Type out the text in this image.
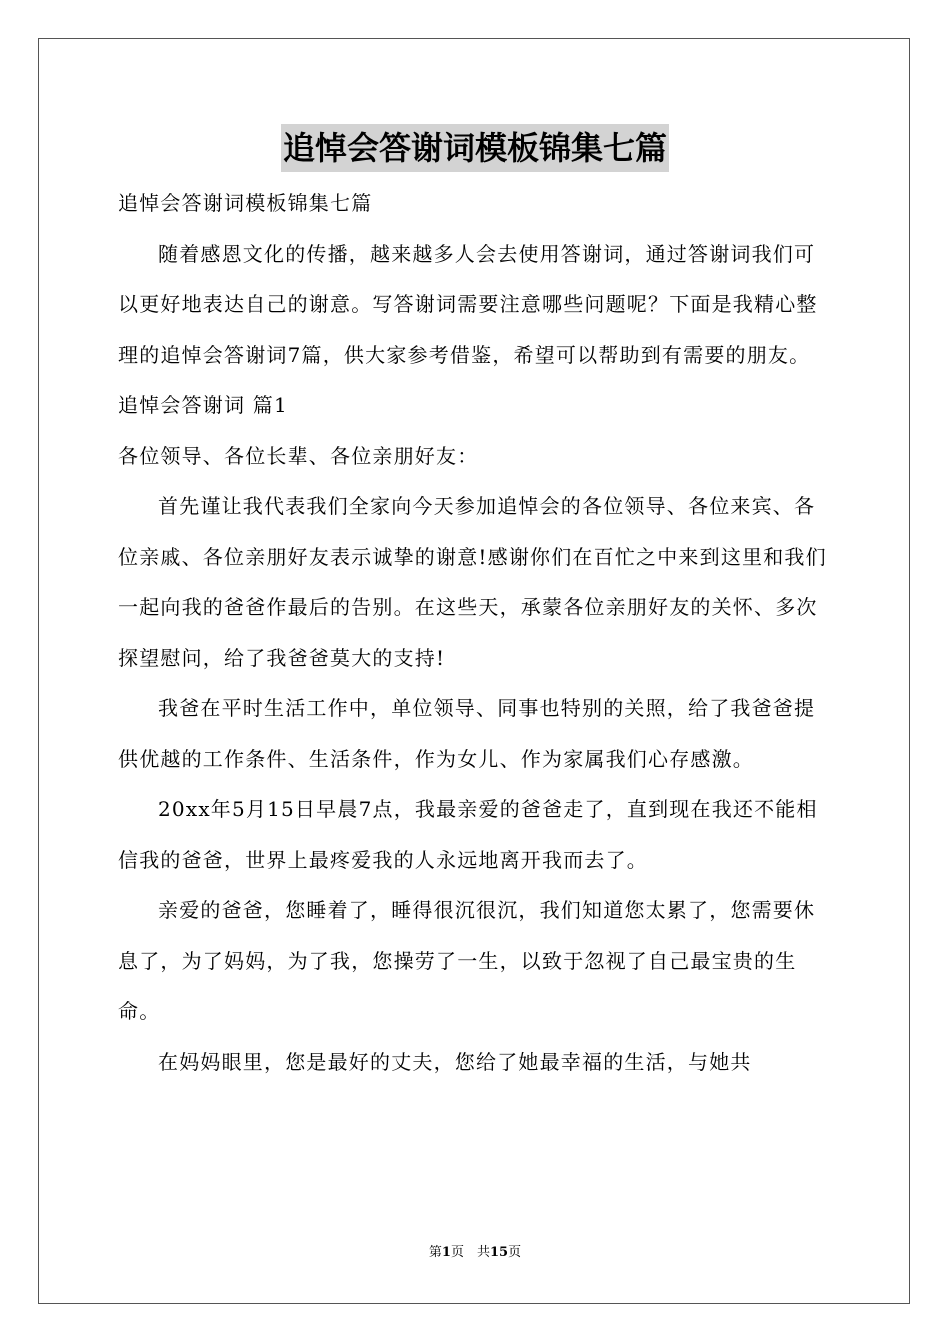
追悼会答谢词模板锦集七篇

追悼会答谢词模板锦集七篇

随着感恩文化的传播，越来越多人会去使用答谢词，通过答谢词我们可以更好地表达自己的谢意。写答谢词需要注意哪些问题呢？下面是我精心整理的追悼会答谢词7篇，供大家参考借鉴，希望可以帮助到有需要的朋友。

追悼会答谢词 篇1

各位领导、各位长辈、各位亲朋好友：

首先谨让我代表我们全家向今天参加追悼会的各位领导、各位来宾、各位亲戚、各位亲朋好友表示诚挚的谢意!感谢你们在百忙之中来到这里和我们一起向我的爸爸作最后的告别。在这些天，承蒙各位亲朋好友的关怀、多次探望慰问，给了我爸爸莫大的支持!

我爸在平时生活工作中，单位领导、同事也特别的关照，给了我爸爸提供优越的工作条件、生活条件，作为女儿、作为家属我们心存感激。

20xx年5月15日早晨7点，我最亲爱的爸爸走了，直到现在我还不能相信我的爸爸，世界上最疼爱我的人永远地离开我而去了。

亲爱的爸爸，您睡着了，睡得很沉很沉，我们知道您太累了，您需要休息了，为了妈妈，为了我，您操劳了一生，以致于忽视了自己最宝贵的生命。

在妈妈眼里，您是最好的丈夫，您给了她最幸福的生活，与她共

第1页　共15页
